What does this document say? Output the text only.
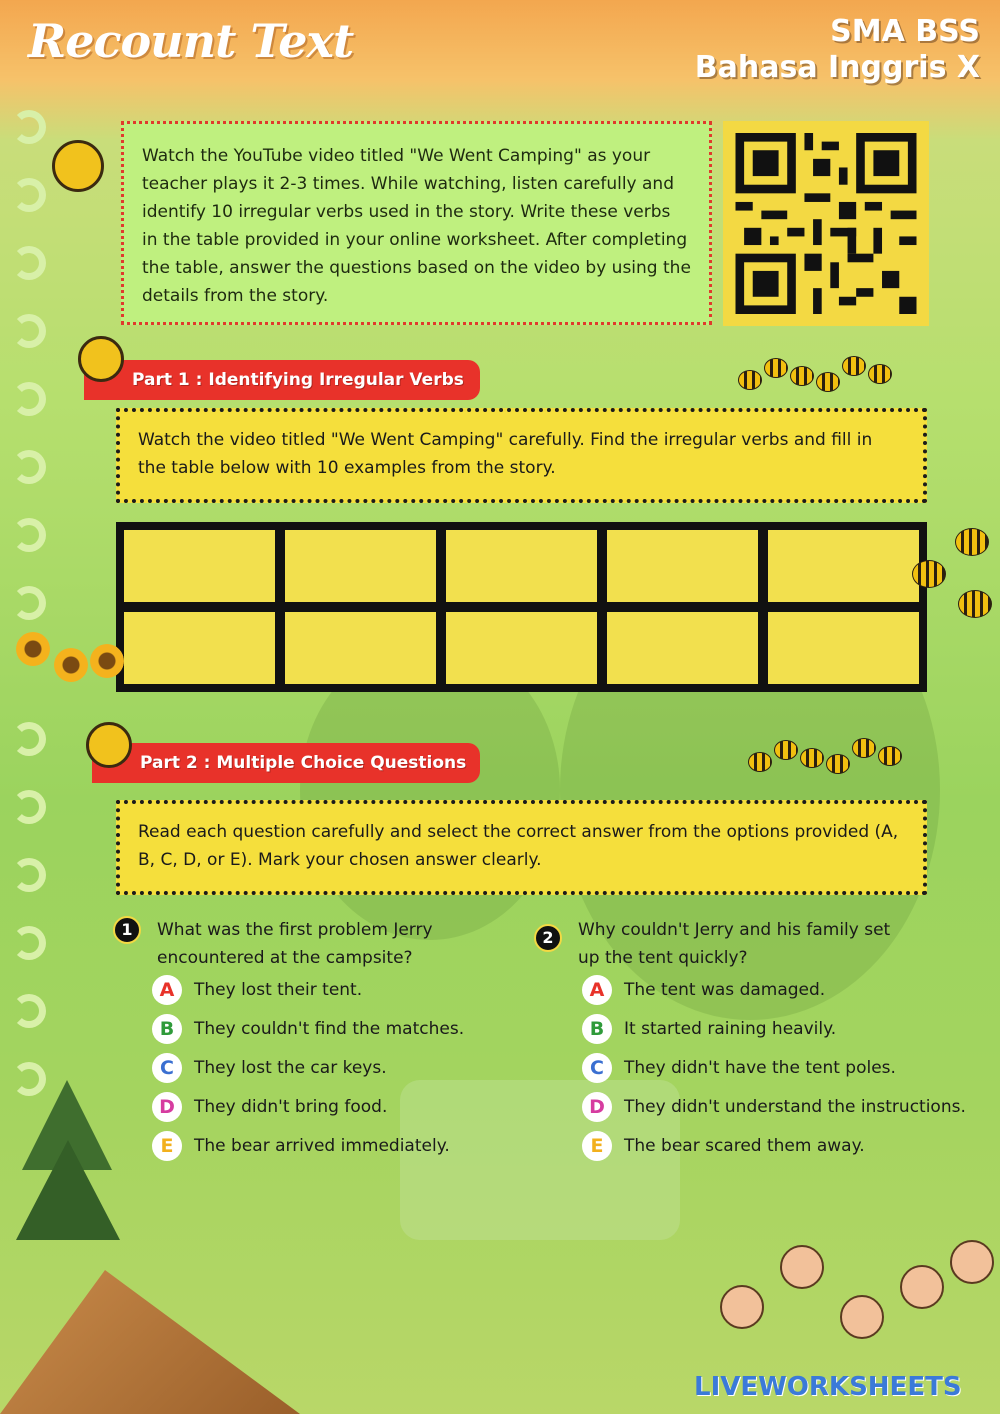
Recount Text	SMA BSS
Bahasa Inggris X
Watch the YouTube video titled "We Went Camping" as your teacher plays it 2-3 times. While watching, listen carefully and identify 10 irregular verbs used in the story. Write these verbs in the table provided in your online worksheet. After completing the table, answer the questions based on the video by using the details from the story.
Part 1 : Identifying Irregular Verbs
Watch the video titled "We Went Camping" carefully. Find the irregular verbs and fill in the table below with 10 examples from the story.
Part 2 : Multiple Choice Questions
Read each question carefully and select the correct answer from the options provided (A, B, C, D, or E). Mark your chosen answer clearly.
1	What was the first problem Jerry encountered at the campsite?
A	They lost their tent.
B	They couldn't find the matches.
C	They lost the car keys.
D	They didn't bring food.
E	The bear arrived immediately.
2	Why couldn't Jerry and his family set up the tent quickly?
A	The tent was damaged.
B	It started raining heavily.
C	They didn't have the tent poles.
D	They didn't understand the instructions.
E	The bear scared them away.
LIVEWORKSHEETS
